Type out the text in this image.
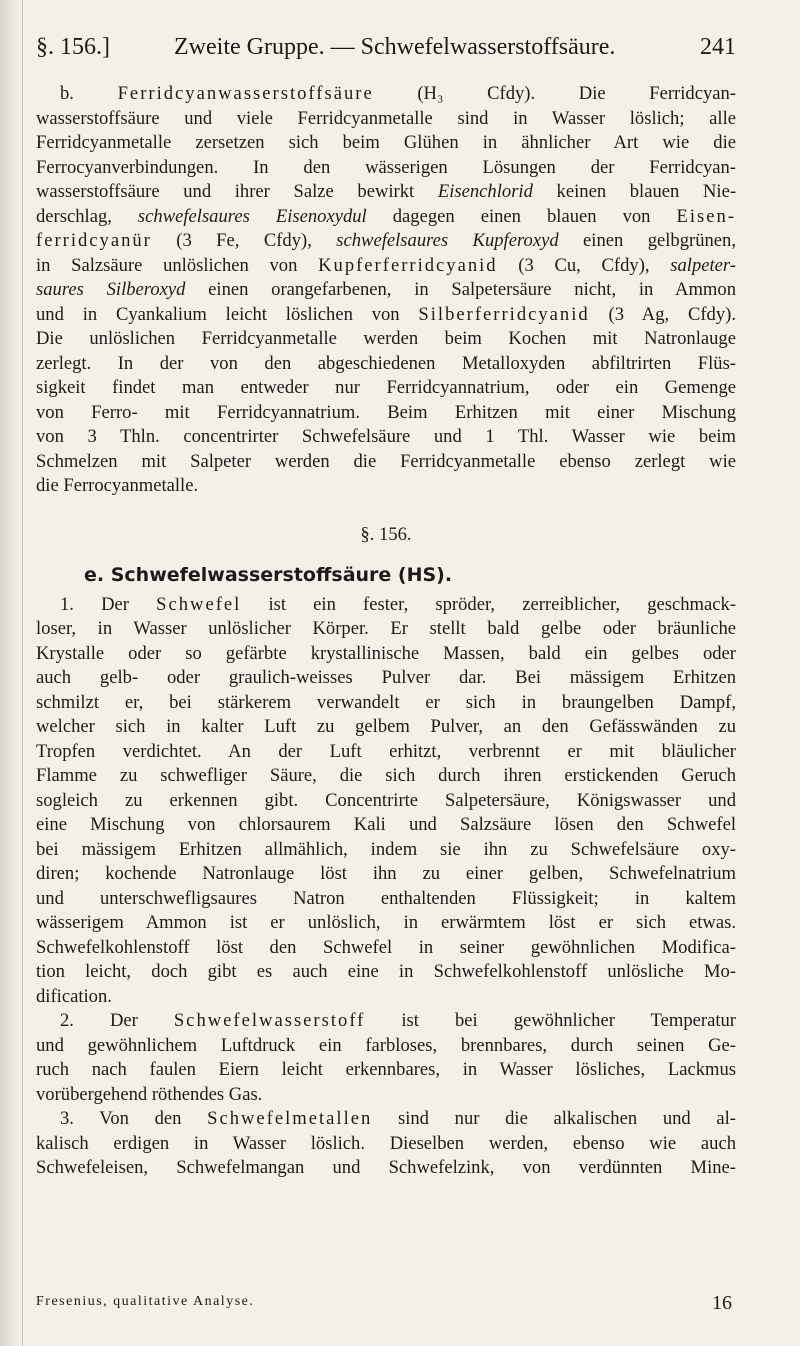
§. 156.]	Zweite Gruppe. — Schwefelwasserstoffsäure.	241
b. Ferridcyanwasserstoffsäure (H₃ Cfdy). Die Ferridcyan-
wasserstoffsäure und viele Ferridcyanmetalle sind in Wasser löslich; alle
Ferridcyanmetalle zersetzen sich beim Glühen in ähnlicher Art wie die
Ferrocyanverbindungen. In den wässerigen Lösungen der Ferridcyan-
wasserstoffsäure und ihrer Salze bewirkt Eisenchlorid keinen blauen Nie-
derschlag, schwefelsaures Eisenoxydul dagegen einen blauen von Eisen-
ferridcyanür (3 Fe, Cfdy), schwefelsaures Kupferoxyd einen gelbgrünen,
in Salzsäure unlöslichen von Kupferferridcyanid (3 Cu, Cfdy), salpeter-
saures Silberoxyd einen orangefarbenen, in Salpetersäure nicht, in Ammon
und in Cyankalium leicht löslichen von Silberferridcyanid (3 Ag, Cfdy).
Die unlöslichen Ferridcyanmetalle werden beim Kochen mit Natronlauge
zerlegt. In der von den abgeschiedenen Metalloxyden abfiltrirten Flüs-
sigkeit findet man entweder nur Ferridcyannatrium, oder ein Gemenge
von Ferro- mit Ferridcyannatrium. Beim Erhitzen mit einer Mischung
von 3 Thln. concentrirter Schwefelsäure und 1 Thl. Wasser wie beim
Schmelzen mit Salpeter werden die Ferridcyanmetalle ebenso zerlegt wie
die Ferrocyanmetalle.
§. 156.
e. Schwefelwasserstoffsäure (HS).
1. Der Schwefel ist ein fester, spröder, zerreiblicher, geschmack-
loser, in Wasser unlöslicher Körper. Er stellt bald gelbe oder bräunliche
Krystalle oder so gefärbte krystallinische Massen, bald ein gelbes oder
auch gelb- oder graulich-weisses Pulver dar. Bei mässigem Erhitzen
schmilzt er, bei stärkerem verwandelt er sich in braungelben Dampf,
welcher sich in kalter Luft zu gelbem Pulver, an den Gefässwänden zu
Tropfen verdichtet. An der Luft erhitzt, verbrennt er mit bläulicher
Flamme zu schwefliger Säure, die sich durch ihren erstickenden Geruch
sogleich zu erkennen gibt. Concentrirte Salpetersäure, Königswasser und
eine Mischung von chlorsaurem Kali und Salzsäure lösen den Schwefel
bei mässigem Erhitzen allmählich, indem sie ihn zu Schwefelsäure oxy-
diren; kochende Natronlauge löst ihn zu einer gelben, Schwefelnatrium
und unterschwefligsaures Natron enthaltenden Flüssigkeit; in kaltem
wässerigem Ammon ist er unlöslich, in erwärmtem löst er sich etwas.
Schwefelkohlenstoff löst den Schwefel in seiner gewöhnlichen Modifica-
tion leicht, doch gibt es auch eine in Schwefelkohlenstoff unlösliche Mo-
dification.
2. Der Schwefelwasserstoff ist bei gewöhnlicher Temperatur
und gewöhnlichem Luftdruck ein farbloses, brennbares, durch seinen Ge-
ruch nach faulen Eiern leicht erkennbares, in Wasser lösliches, Lackmus
vorübergehend röthendes Gas.
3. Von den Schwefelmetallen sind nur die alkalischen und al-
kalisch erdigen in Wasser löslich. Dieselben werden, ebenso wie auch
Schwefeleisen, Schwefelmangan und Schwefelzink, von verdünnten Mine-
Fresenius, qualitative Analyse.	16
